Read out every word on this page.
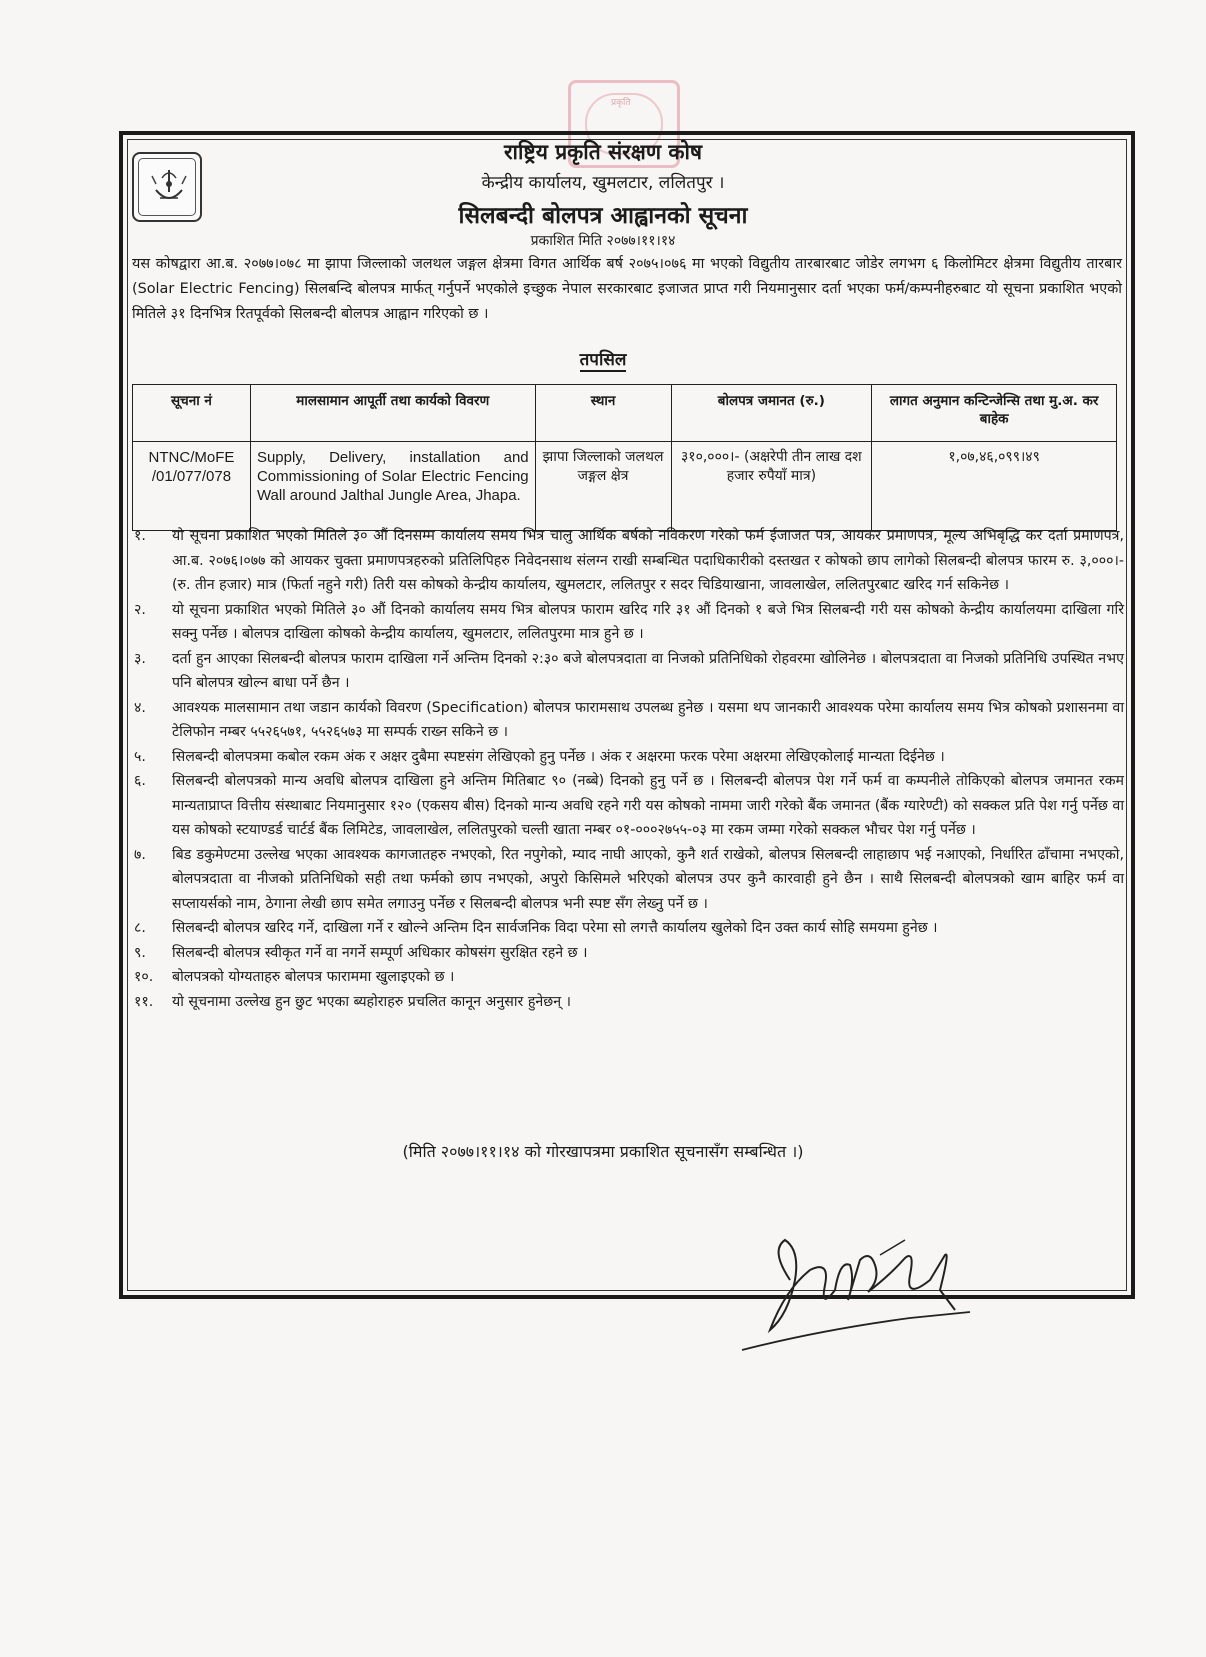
प्रकृति
राष्ट्रिय प्रकृति संरक्षण कोष
केन्द्रीय कार्यालय, खुमलटार, ललितपुर ।
सिलबन्दी बोलपत्र आह्वानको सूचना
प्रकाशित मिति २०७७।११।१४
यस कोषद्वारा आ.ब. २०७७।०७८ मा झापा जिल्लाको जलथल जङ्गल क्षेत्रमा विगत आर्थिक बर्ष २०७५।०७६ मा भएको विद्युतीय तारबारबाट जोडेर लगभग ६ किलोमिटर क्षेत्रमा विद्युतीय तारबार (Solar Electric Fencing) सिलबन्दि बोलपत्र मार्फत् गर्नुपर्ने भएकोले इच्छुक नेपाल सरकारबाट इजाजत प्राप्त गरी नियमानुसार दर्ता भएका फर्म/कम्पनीहरुबाट यो सूचना प्रकाशित भएको मितिले ३१ दिनभित्र रितपूर्वको सिलबन्दी बोलपत्र आह्वान गरिएको छ ।
तपसिल
सूचना नं	मालसामान आपूर्ती तथा कार्यको विवरण	स्थान	बोलपत्र जमानत (रु.)	लागत अनुमान कन्टिन्जेन्सि तथा मु.अ. कर बाहेक
NTNC/MoFE /01/077/078	Supply, Delivery, installation and Commissioning of Solar Electric Fencing Wall around Jalthal Jungle Area, Jhapa.	झापा जिल्लाको जलथल जङ्गल क्षेत्र	३१०,०००।- (अक्षरेपी तीन लाख दश हजार रुपैयाँ मात्र)	१,०७,४६,०९९।४९
१.	यो सूचना प्रकाशित भएको मितिले ३० औं दिनसम्म कार्यालय समय भित्र चालु आर्थिक बर्षको नविकरण गरेको फर्म ईजाजत पत्र, आयकर प्रमाणपत्र, मूल्य अभिबृद्धि कर दर्ता प्रमाणपत्र, आ.ब. २०७६।०७७ को आयकर चुक्ता प्रमाणपत्रहरुको प्रतिलिपिहरु निवेदनसाथ संलग्न राखी सम्बन्धित पदाधिकारीको दस्तखत र कोषको छाप लागेको सिलबन्दी बोलपत्र फारम रु. ३,०००।- (रु. तीन हजार) मात्र (फिर्ता नहुने गरी) तिरी यस कोषको केन्द्रीय कार्यालय, खुमलटार, ललितपुर र सदर चिडियाखाना, जावलाखेल, ललितपुरबाट खरिद गर्न सकिनेछ ।
२.	यो सूचना प्रकाशित भएको मितिले ३० औं दिनको कार्यालय समय भित्र बोलपत्र फाराम खरिद गरि ३१ औं दिनको १ बजे भित्र सिलबन्दी गरी यस कोषको केन्द्रीय कार्यालयमा दाखिला गरि सक्नु पर्नेछ । बोलपत्र दाखिला कोषको केन्द्रीय कार्यालय, खुमलटार, ललितपुरमा मात्र हुने छ ।
३.	दर्ता हुन आएका सिलबन्दी बोलपत्र फाराम दाखिला गर्ने अन्तिम दिनको २:३० बजे बोलपत्रदाता वा निजको प्रतिनिधिको रोहवरमा खोलिनेछ । बोलपत्रदाता वा निजको प्रतिनिधि उपस्थित नभए पनि बोलपत्र खोल्न बाधा पर्ने छैन ।
४.	आवश्यक मालसामान तथा जडान कार्यको विवरण (Specification) बोलपत्र फारामसाथ उपलब्ध हुनेछ । यसमा थप जानकारी आवश्यक परेमा कार्यालय समय भित्र कोषको प्रशासनमा वा टेलिफोन नम्बर ५५२६५७१, ५५२६५७३ मा सम्पर्क राख्न सकिने छ ।
५.	सिलबन्दी बोलपत्रमा कबोल रकम अंक र अक्षर दुबैमा स्पष्टसंग लेखिएको हुनु पर्नेछ । अंक र अक्षरमा फरक परेमा अक्षरमा लेखिएकोलाई मान्यता दिईनेछ ।
६.	सिलबन्दी बोलपत्रको मान्य अवधि बोलपत्र दाखिला हुने अन्तिम मितिबाट ९० (नब्बे) दिनको हुनु पर्ने छ । सिलबन्दी बोलपत्र पेश गर्ने फर्म वा कम्पनीले तोकिएको बोलपत्र जमानत रकम मान्यताप्राप्त वित्तीय संस्थाबाट नियमानुसार १२० (एकसय बीस) दिनको मान्य अवधि रहने गरी यस कोषको नाममा जारी गरेको बैंक जमानत (बैंक ग्यारेण्टी) को सक्कल प्रति पेश गर्नु पर्नेछ वा यस कोषको स्टयाण्डर्ड चार्टर्ड बैंक लिमिटेड, जावलाखेल, ललितपुरको चल्ती खाता नम्बर ०१-०००२७५५-०३ मा रकम जम्मा गरेको सक्कल भौचर पेश गर्नु पर्नेछ ।
७.	बिड डकुमेण्टमा उल्लेख भएका आवश्यक कागजातहरु नभएको, रित नपुगेको, म्याद नाघी आएको, कुनै शर्त राखेको, बोलपत्र सिलबन्दी लाहाछाप भई नआएको, निर्धारित ढाँचामा नभएको, बोलपत्रदाता वा नीजको प्रतिनिधिको सही तथा फर्मको छाप नभएको, अपुरो किसिमले भरिएको बोलपत्र उपर कुनै कारवाही हुने छैन । साथै सिलबन्दी बोलपत्रको खाम बाहिर फर्म वा सप्लायर्सको नाम, ठेगाना लेखी छाप समेत लगाउनु पर्नेछ र सिलबन्दी बोलपत्र भनी स्पष्ट सँग लेख्नु पर्ने छ ।
८.	सिलबन्दी बोलपत्र खरिद गर्ने, दाखिला गर्ने र खोल्ने अन्तिम दिन सार्वजनिक विदा परेमा सो लगत्तै कार्यालय खुलेको दिन उक्त कार्य सोहि समयमा हुनेछ ।
९.	सिलबन्दी बोलपत्र स्वीकृत गर्ने वा नगर्ने सम्पूर्ण अधिकार कोषसंग सुरक्षित रहने छ ।
१०.	बोलपत्रको योग्यताहरु बोलपत्र फाराममा खुलाइएको छ ।
११.	यो सूचनामा उल्लेख हुन छुट भएका ब्यहोराहरु प्रचलित कानून अनुसार हुनेछन् ।
(मिति २०७७।११।१४ को गोरखापत्रमा प्रकाशित सूचनासँग सम्बन्धित ।)
